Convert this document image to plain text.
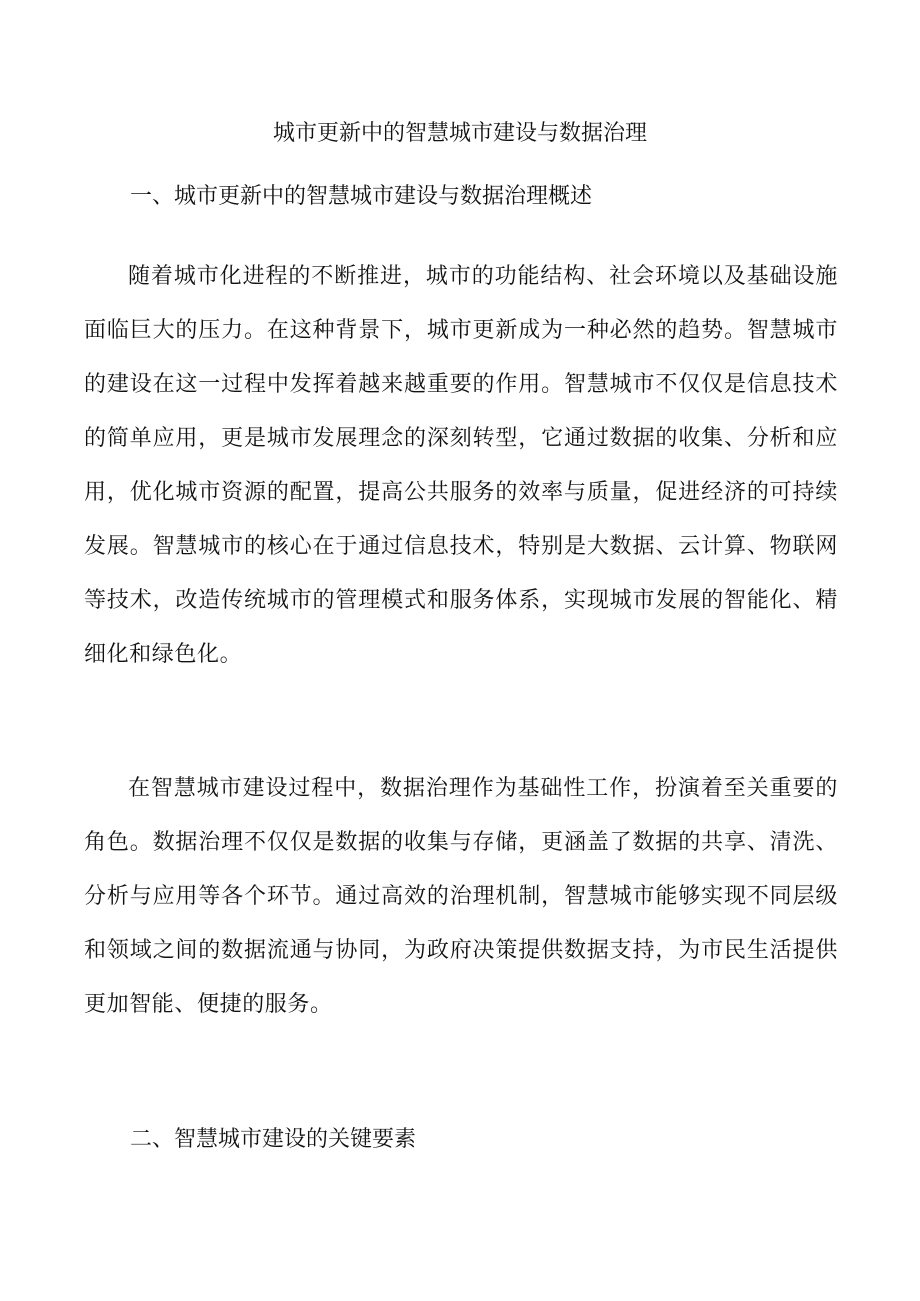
城市更新中的智慧城市建设与数据治理
一、城市更新中的智慧城市建设与数据治理概述

随着城市化进程的不断推进，城市的功能结构、社会环境以及基础设施面临巨大的压力。在这种背景下，城市更新成为一种必然的趋势。智慧城市的建设在这一过程中发挥着越来越重要的作用。智慧城市不仅仅是信息技术的简单应用，更是城市发展理念的深刻转型，它通过数据的收集、分析和应用，优化城市资源的配置，提高公共服务的效率与质量，促进经济的可持续发展。智慧城市的核心在于通过信息技术，特别是大数据、云计算、物联网等技术，改造传统城市的管理模式和服务体系，实现城市发展的智能化、精细化和绿色化。

在智慧城市建设过程中，数据治理作为基础性工作，扮演着至关重要的角色。数据治理不仅仅是数据的收集与存储，更涵盖了数据的共享、清洗、分析与应用等各个环节。通过高效的治理机制，智慧城市能够实现不同层级和领域之间的数据流通与协同，为政府决策提供数据支持，为市民生活提供更加智能、便捷的服务。

二、智慧城市建设的关键要素
